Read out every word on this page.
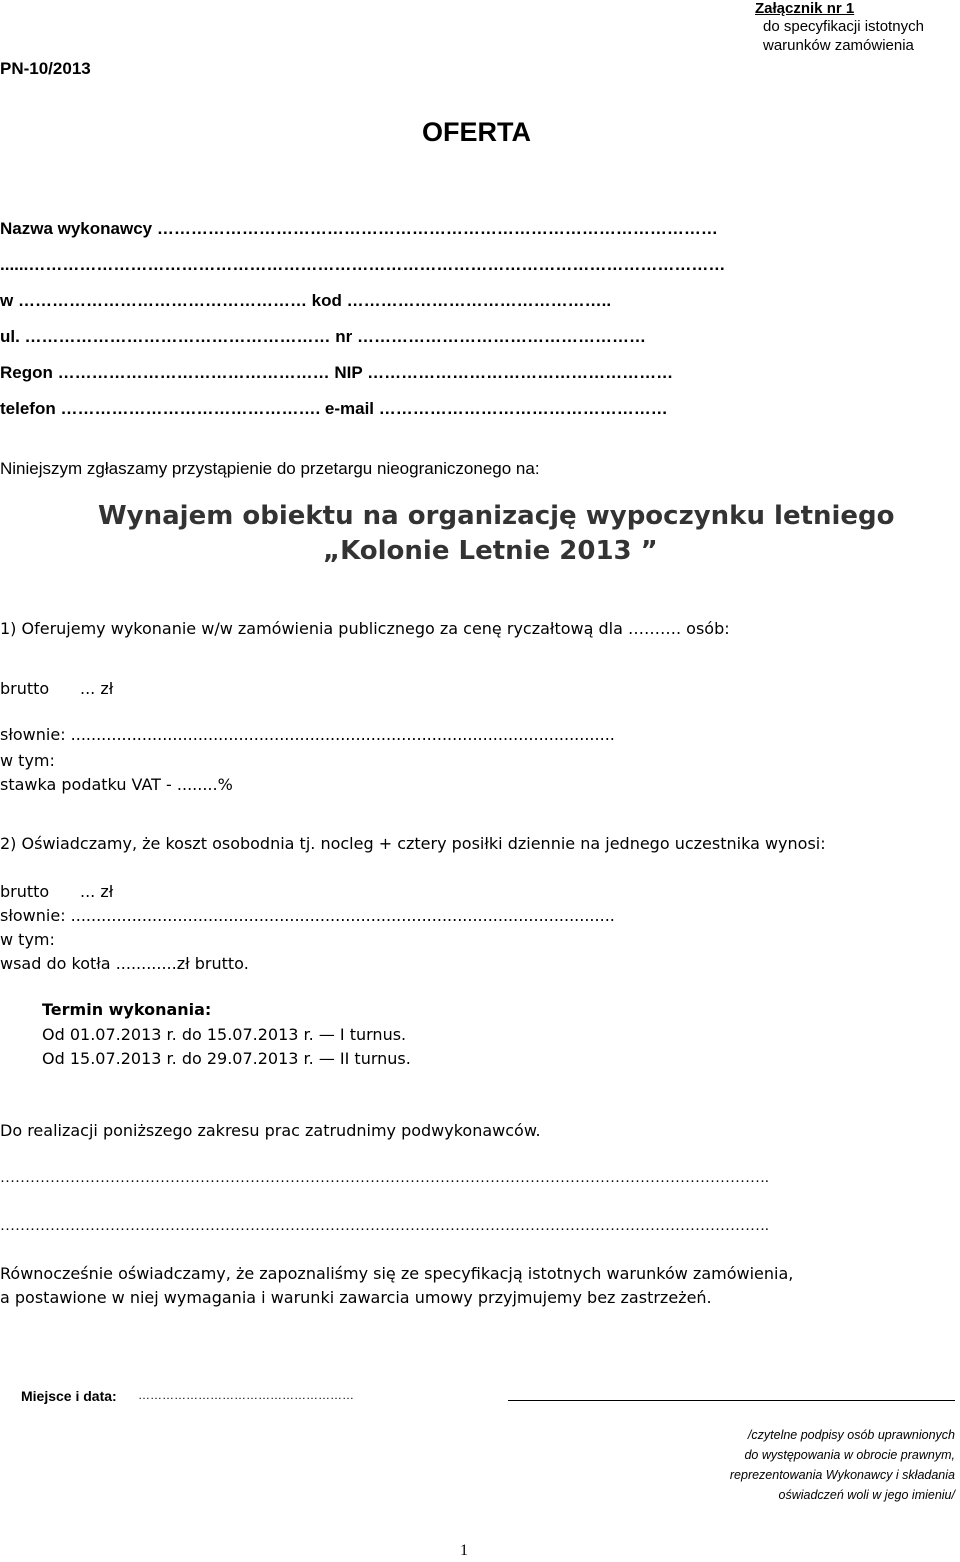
Załącznik nr 1
do specyfikacji istotnych
warunków zamówienia
PN-10/2013
OFERTA
Nazwa wykonawcy ………………………………………………………………………………………
......……………………………………………………………………………………………………………
w …………………………………………… kod ………………………………………..
ul. ……………………………………………… nr ……………………………………………
Regon ………………………………………… NIP ………………………………………………
telefon ………………………………………. e-mail ……………………………………………
Niniejszym zgłaszamy przystąpienie do przetargu nieograniczonego na:
Wynajem obiektu na organizację wypoczynku letniego
„Kolonie Letnie 2013 ”
1) Oferujemy wykonanie w/w zamówienia publicznego za cenę ryczałtową dla ………. osób:
brutto ... zł
słownie: ...........................................................................................................
w tym:
stawka podatku VAT - ........%
2) Oświadczamy, że koszt osobodnia tj. nocleg + cztery posiłki dziennie na jednego uczestnika wynosi:
brutto ... zł
słownie: ...........................................................................................................
w tym:
wsad do kotła ............zł brutto.
Termin wykonania:
Od 01.07.2013 r. do 15.07.2013 r. — I turnus.
Od 15.07.2013 r. do 29.07.2013 r. — II turnus.
Do realizacji poniższego zakresu prac zatrudnimy podwykonawców.
……………………………………………………………………………………………………………………………………….
……………………………………………………………………………………………………………………………………….
Równocześnie oświadczamy, że zapoznaliśmy się ze specyfikacją istotnych warunków zamówienia,
a postawione w niej wymagania i warunki zawarcia umowy przyjmujemy bez zastrzeżeń.
Miejsce i data: ………………………………………………
/czytelne podpisy osób uprawnionych
do występowania w obrocie prawnym,
reprezentowania Wykonawcy i składania
oświadczeń woli w jego imieniu/
1
